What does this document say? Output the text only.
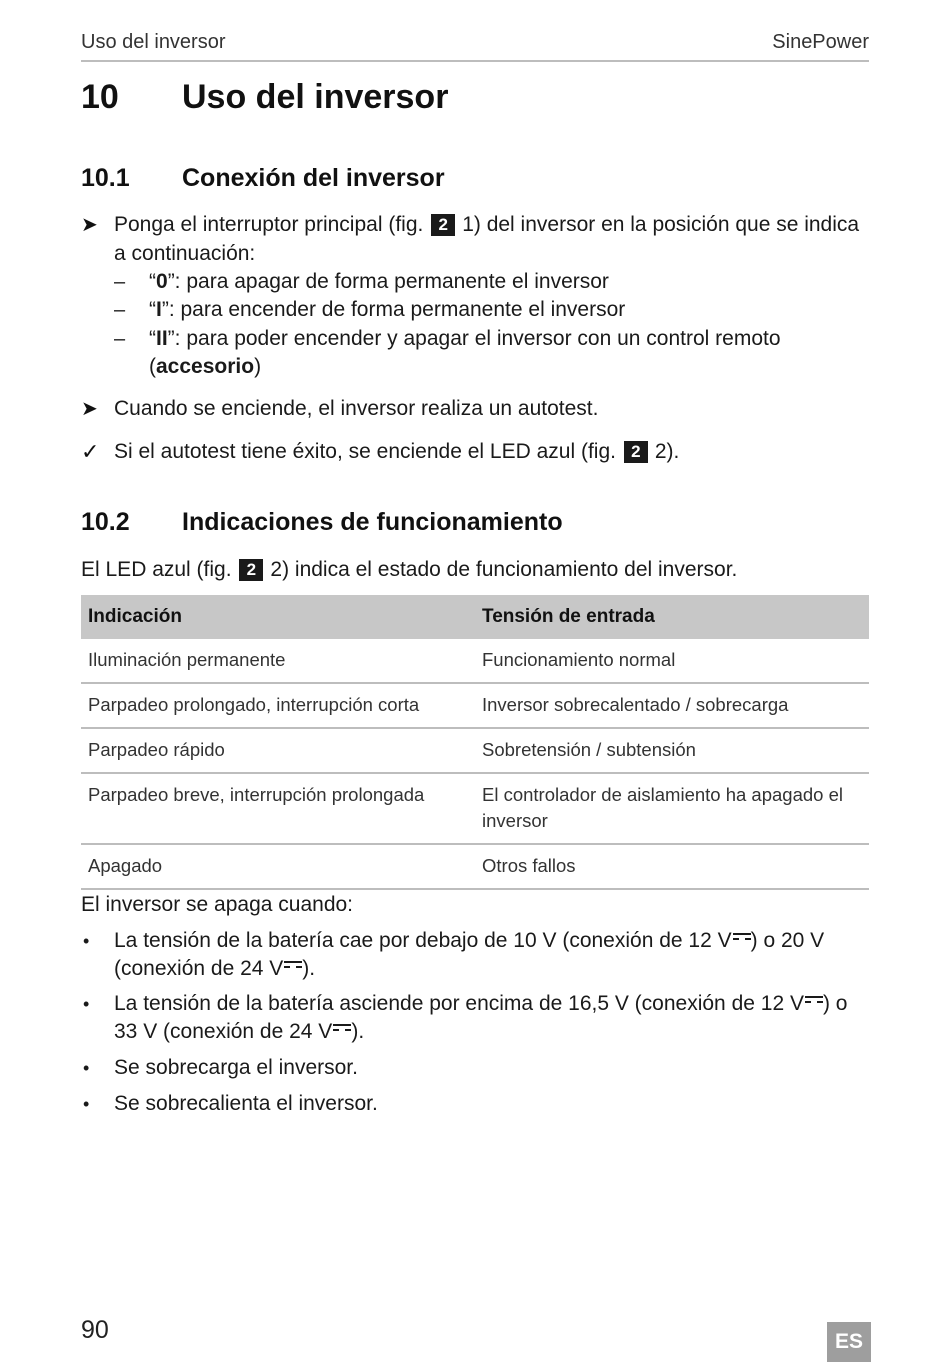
Uso del inversor	SinePower
10 Uso del inversor
10.1 Conexión del inversor
➤ Ponga el interruptor principal (fig. 2 1) del inversor en la posición que se indica
a continuación:
– “0”: para apagar de forma permanente el inversor
– “I”: para encender de forma permanente el inversor
– “II”: para poder encender y apagar el inversor con un control remoto
(accesorio)
➤ Cuando se enciende, el inversor realiza un autotest.
✓ Si el autotest tiene éxito, se enciende el LED azul (fig. 2 2).
10.2 Indicaciones de funcionamiento
El LED azul (fig. 2 2) indica el estado de funcionamiento del inversor.
Indicación	Tensión de entrada
Iluminación permanente	Funcionamiento normal
Parpadeo prolongado, interrupción corta	Inversor sobrecalentado / sobrecarga
Parpadeo rápido	Sobretensión / subtensión
Parpadeo breve, interrupción prolongada	El controlador de aislamiento ha apagado el inversor
Apagado	Otros fallos
El inversor se apaga cuando:
• La tensión de la batería cae por debajo de 10 V (conexión de 12 V ) o 20 V
(conexión de 24 V ).
• La tensión de la batería asciende por encima de 16,5 V (conexión de 12 V ) o
33 V (conexión de 24 V ).
• Se sobrecarga el inversor.
• Se sobrecalienta el inversor.
90	ES
